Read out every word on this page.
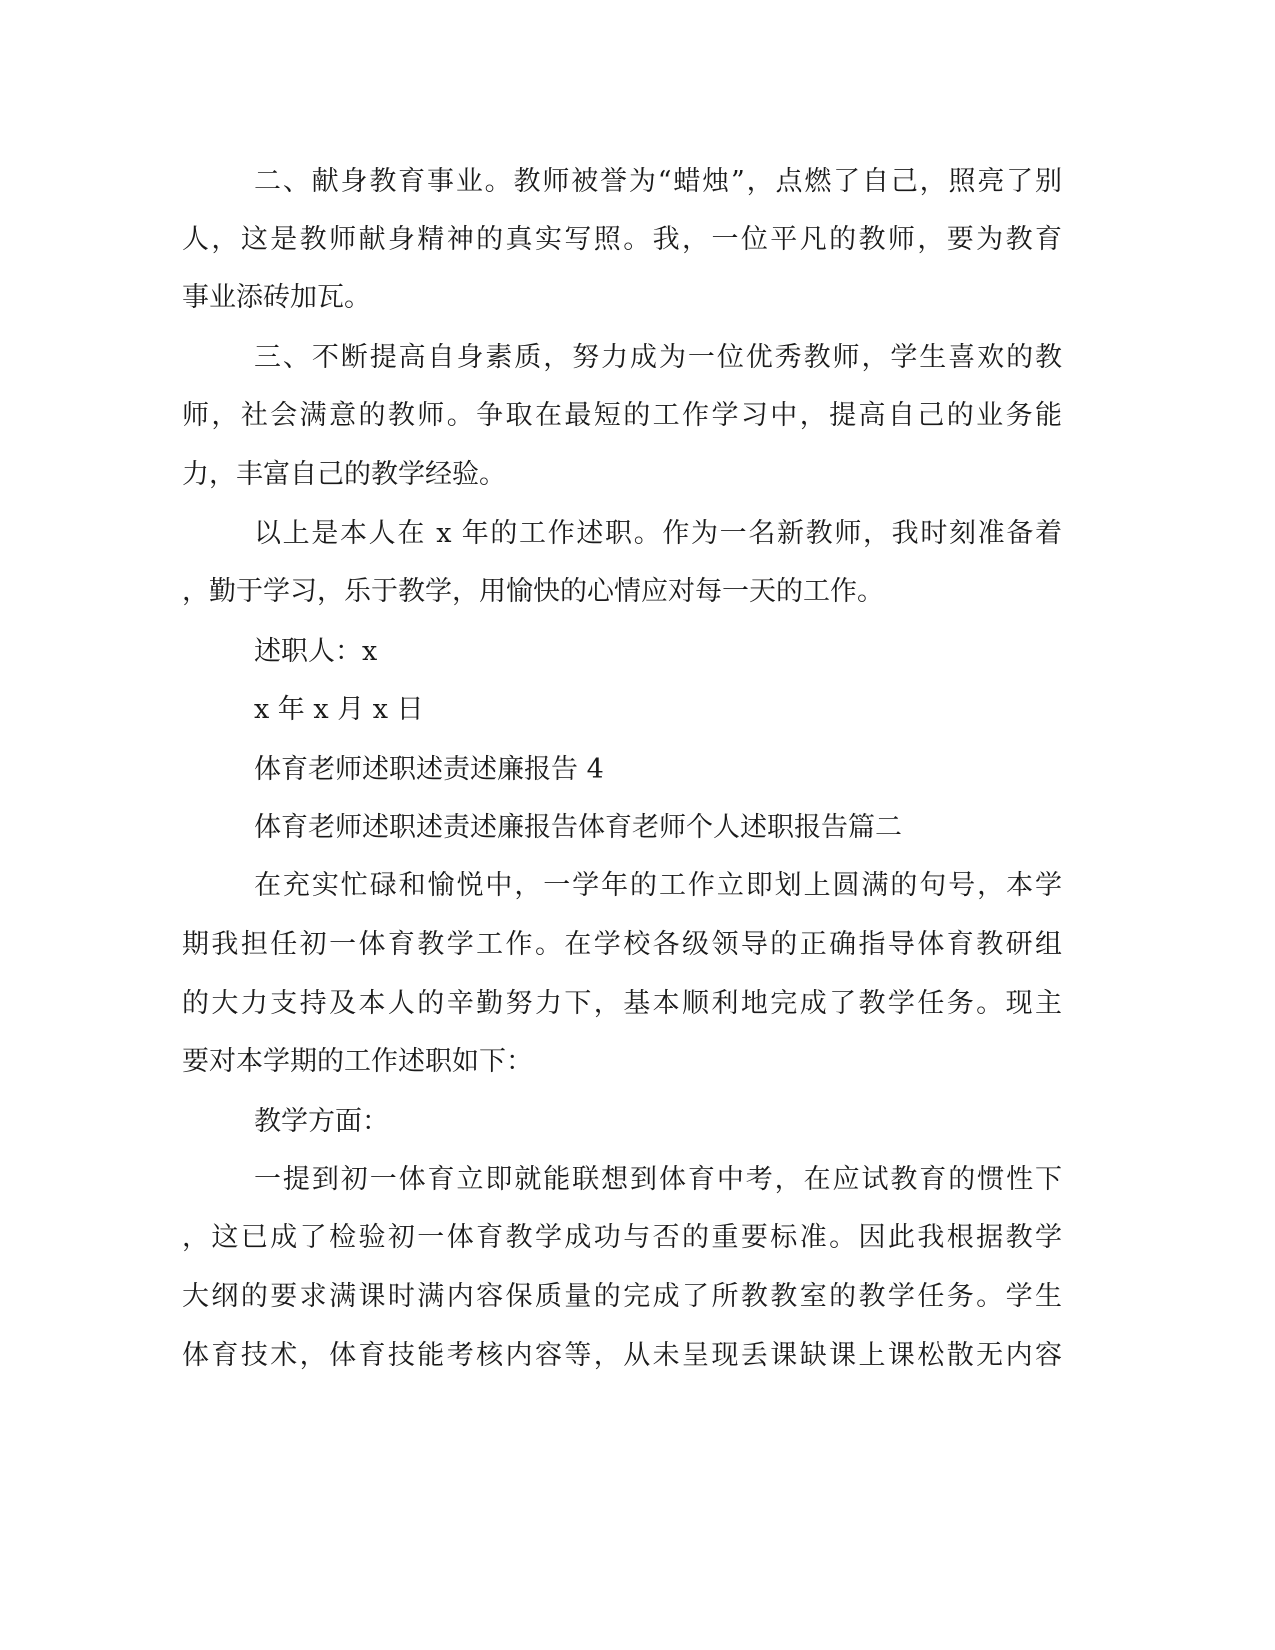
二、献身教育事业。教师被誉为“蜡烛”，点燃了自己，照亮了别
人，这是教师献身精神的真实写照。我，一位平凡的教师，要为教育
事业添砖加瓦。
三、不断提高自身素质，努力成为一位优秀教师，学生喜欢的教
师，社会满意的教师。争取在最短的工作学习中，提高自己的业务能
力，丰富自己的教学经验。
以上是本人在 x 年的工作述职。作为一名新教师，我时刻准备着
，勤于学习，乐于教学，用愉快的心情应对每一天的工作。
述职人：x
x 年 x 月 x 日
体育老师述职述责述廉报告 4
体育老师述职述责述廉报告体育老师个人述职报告篇二
在充实忙碌和愉悦中，一学年的工作立即划上圆满的句号，本学
期我担任初一体育教学工作。在学校各级领导的正确指导体育教研组
的大力支持及本人的辛勤努力下，基本顺利地完成了教学任务。现主
要对本学期的工作述职如下：
教学方面：
一提到初一体育立即就能联想到体育中考，在应试教育的惯性下
，这已成了检验初一体育教学成功与否的重要标准。因此我根据教学
大纲的要求满课时满内容保质量的完成了所教教室的教学任务。学生
体育技术，体育技能考核内容等，从未呈现丢课缺课上课松散无内容
